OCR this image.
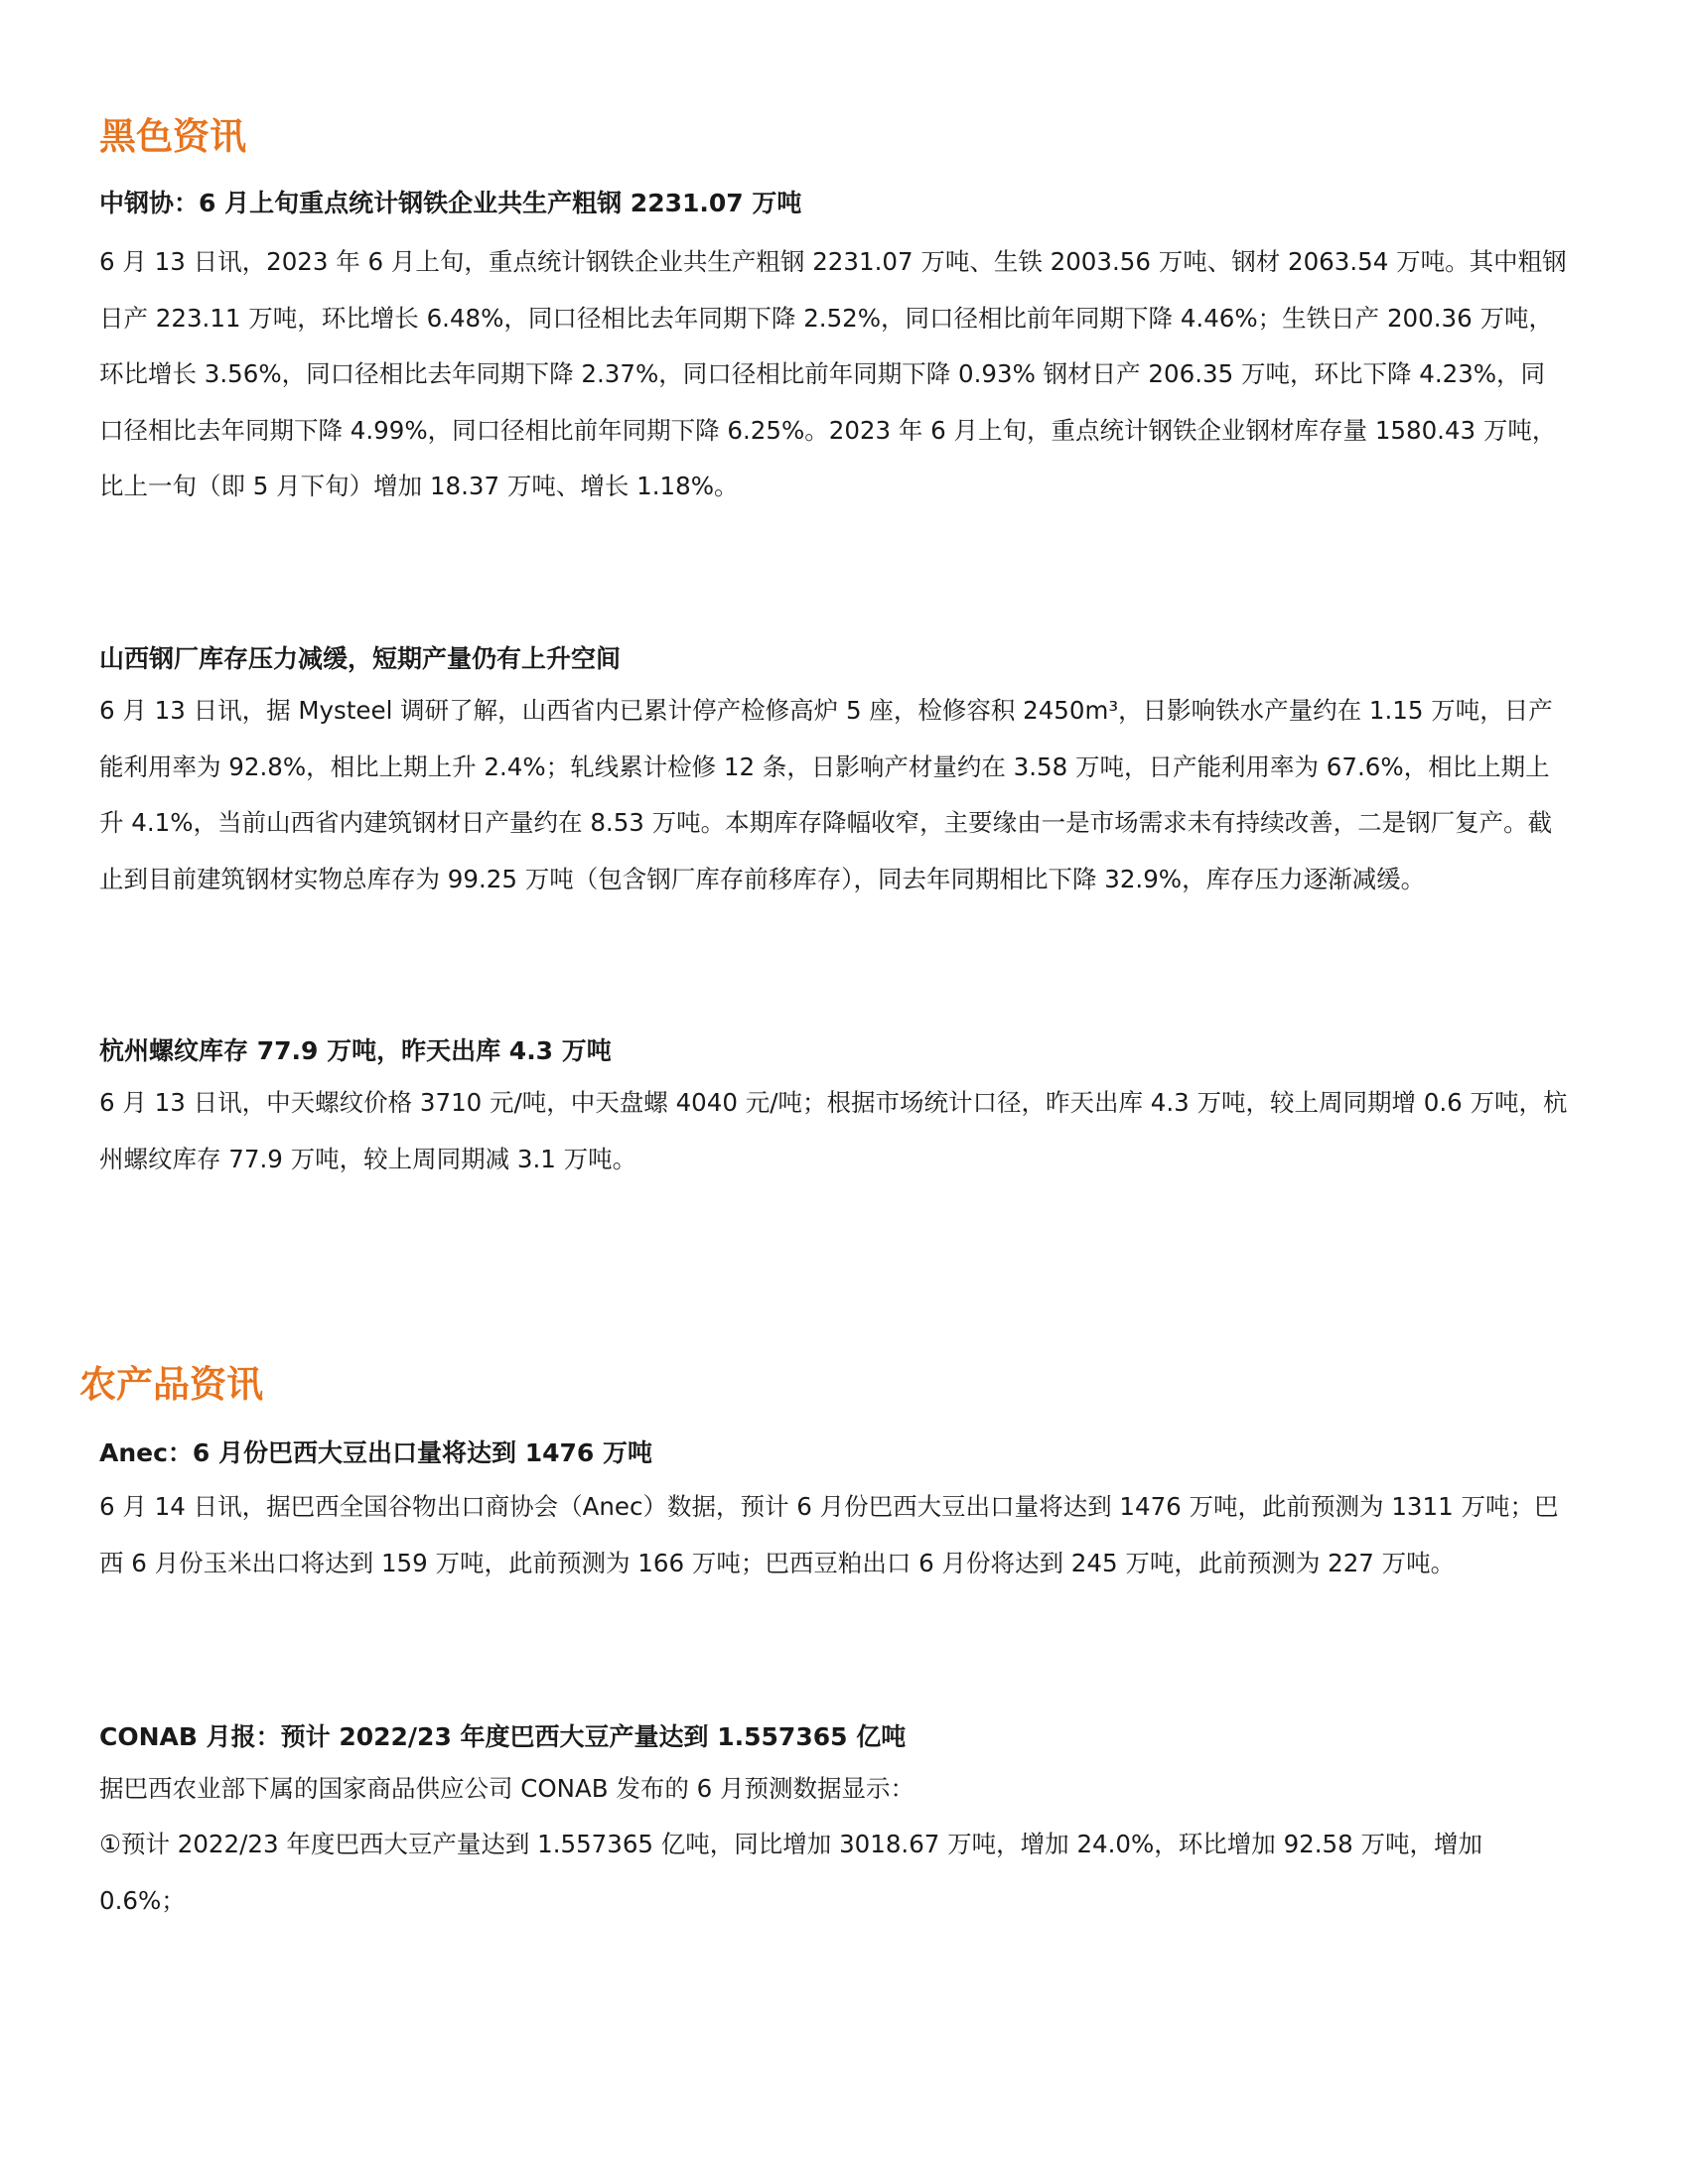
黑色资讯
中钢协：6 月上旬重点统计钢铁企业共生产粗钢 2231.07 万吨

6 月 13 日讯，2023 年 6 月上旬，重点统计钢铁企业共生产粗钢 2231.07 万吨、生铁 2003.56 万吨、钢材 2063.54 万吨。其中粗钢日产 223.11 万吨，环比增长 6.48%，同口径相比去年同期下降 2.52%，同口径相比前年同期下降 4.46%；生铁日产 200.36 万吨，环比增长 3.56%，同口径相比去年同期下降 2.37%，同口径相比前年同期下降 0.93% 钢材日产 206.35 万吨，环比下降 4.23%，同口径相比去年同期下降 4.99%，同口径相比前年同期下降 6.25%。2023 年 6 月上旬，重点统计钢铁企业钢材库存量 1580.43 万吨，比上一旬（即 5 月下旬）增加 18.37 万吨、增长 1.18%。

山西钢厂库存压力减缓，短期产量仍有上升空间

6 月 13 日讯，据 Mysteel 调研了解，山西省内已累计停产检修高炉 5 座，检修容积 2450m³，日影响铁水产量约在 1.15 万吨，日产能利用率为 92.8%，相比上期上升 2.4%；轧线累计检修 12 条，日影响产材量约在 3.58 万吨，日产能利用率为 67.6%，相比上期上升 4.1%，当前山西省内建筑钢材日产量约在 8.53 万吨。本期库存降幅收窄，主要缘由一是市场需求未有持续改善，二是钢厂复产。截止到目前建筑钢材实物总库存为 99.25 万吨（包含钢厂库存前移库存），同去年同期相比下降 32.9%，库存压力逐渐减缓。

杭州螺纹库存 77.9 万吨，昨天出库 4.3 万吨

6 月 13 日讯，中天螺纹价格 3710 元/吨，中天盘螺 4040 元/吨；根据市场统计口径，昨天出库 4.3 万吨，较上周同期增 0.6 万吨，杭州螺纹库存 77.9 万吨，较上周同期减 3.1 万吨。

农产品资讯
Anec：6 月份巴西大豆出口量将达到 1476 万吨

6 月 14 日讯，据巴西全国谷物出口商协会（Anec）数据，预计 6 月份巴西大豆出口量将达到 1476 万吨，此前预测为 1311 万吨；巴西 6 月份玉米出口将达到 159 万吨，此前预测为 166 万吨；巴西豆粕出口 6 月份将达到 245 万吨，此前预测为 227 万吨。

CONAB 月报：预计 2022/23 年度巴西大豆产量达到 1.557365 亿吨

据巴西农业部下属的国家商品供应公司 CONAB 发布的 6 月预测数据显示：

①预计 2022/23 年度巴西大豆产量达到 1.557365 亿吨，同比增加 3018.67 万吨，增加 24.0%，环比增加 92.58 万吨，增加 0.6%；
